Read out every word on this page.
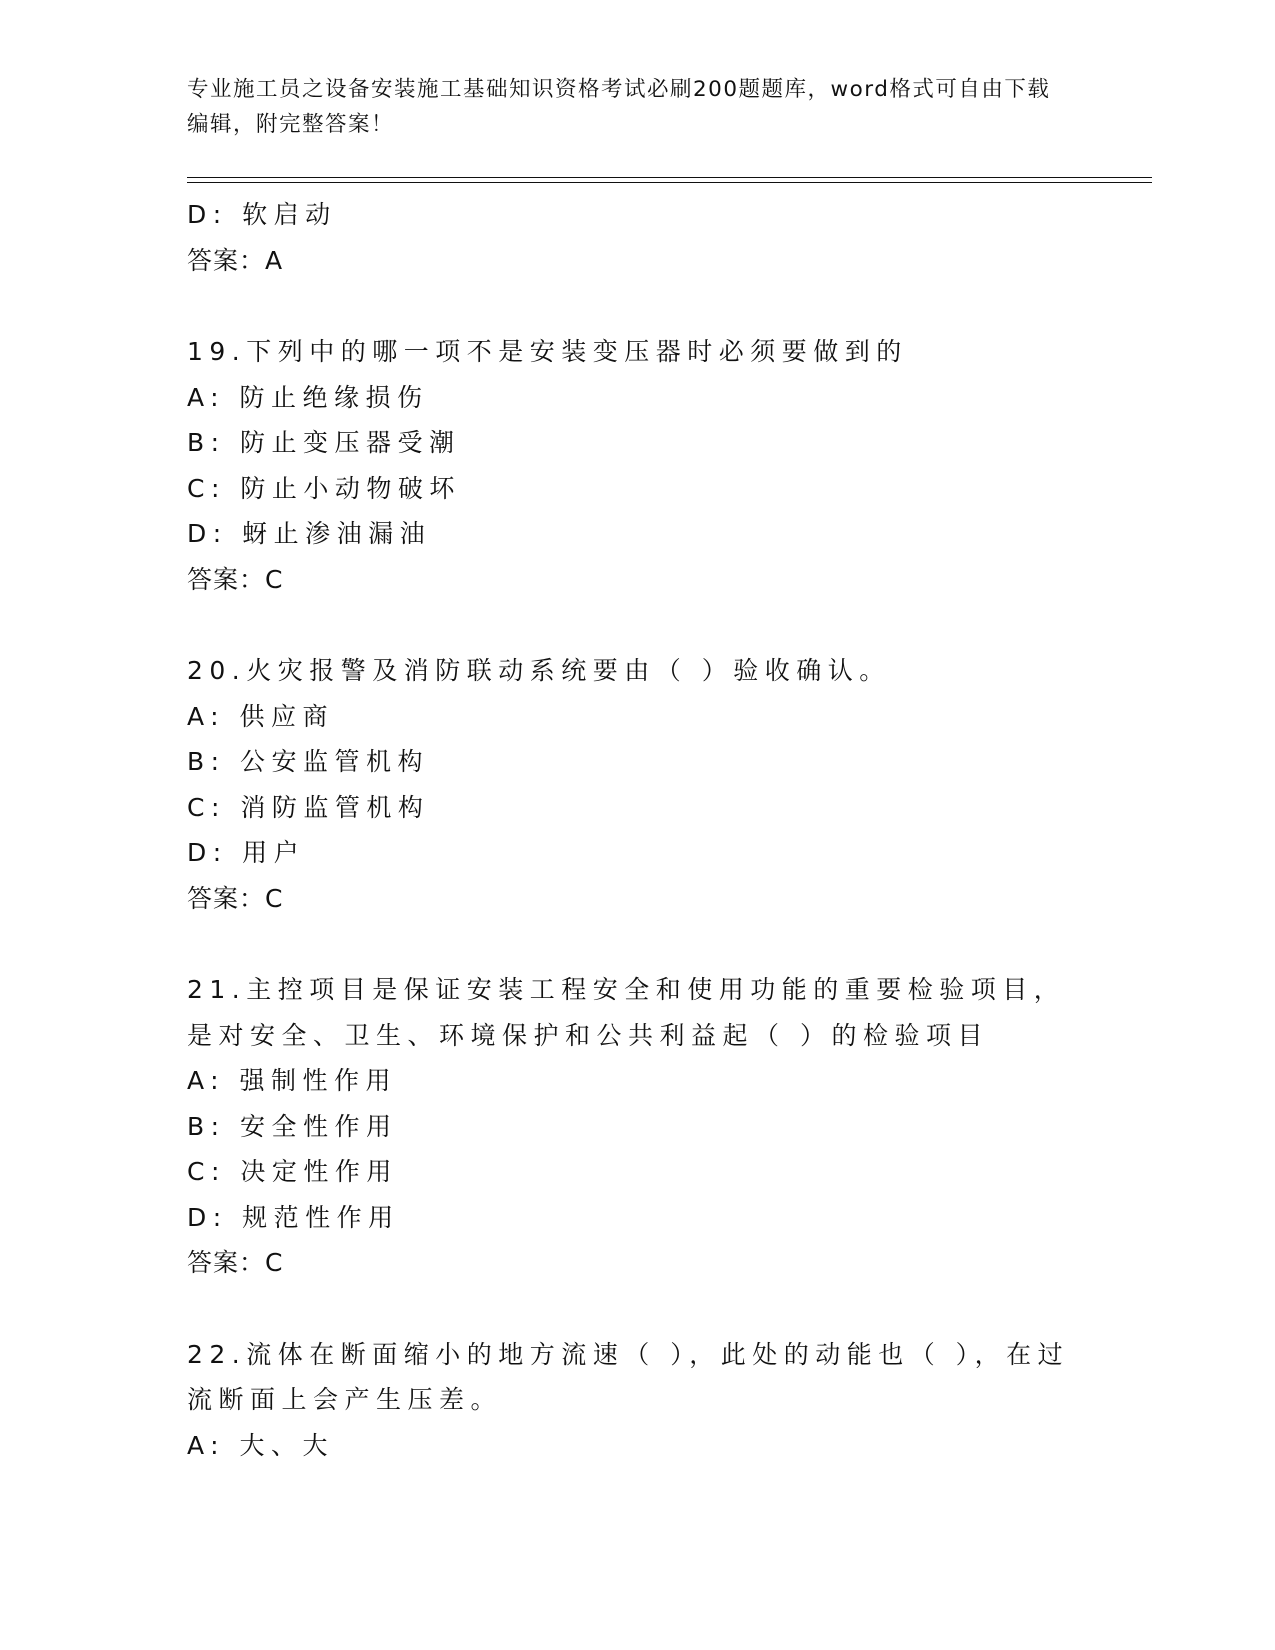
专业施工员之设备安装施工基础知识资格考试必刷200题题库，word格式可自由下载编辑，附完整答案！
D: 软启动
答案：A
19.下列中的哪一项不是安装变压器时必须要做到的
A: 防止绝缘损伤
B: 防止变压器受潮
C: 防止小动物破坏
D: 蚜止渗油漏油
答案：C
20.火灾报警及消防联动系统要由（ ）验收确认。
A: 供应商
B: 公安监管机构
C: 消防监管机构
D: 用户
答案：C
21.主控项目是保证安装工程安全和使用功能的重要检验项目，是对安全、卫生、环境保护和公共利益起（ ）的检验项目
A: 强制性作用
B: 安全性作用
C: 决定性作用
D: 规范性作用
答案：C
22.流体在断面缩小的地方流速（ ），此处的动能也（ ），在过流断面上会产生压差。
A: 大、大
